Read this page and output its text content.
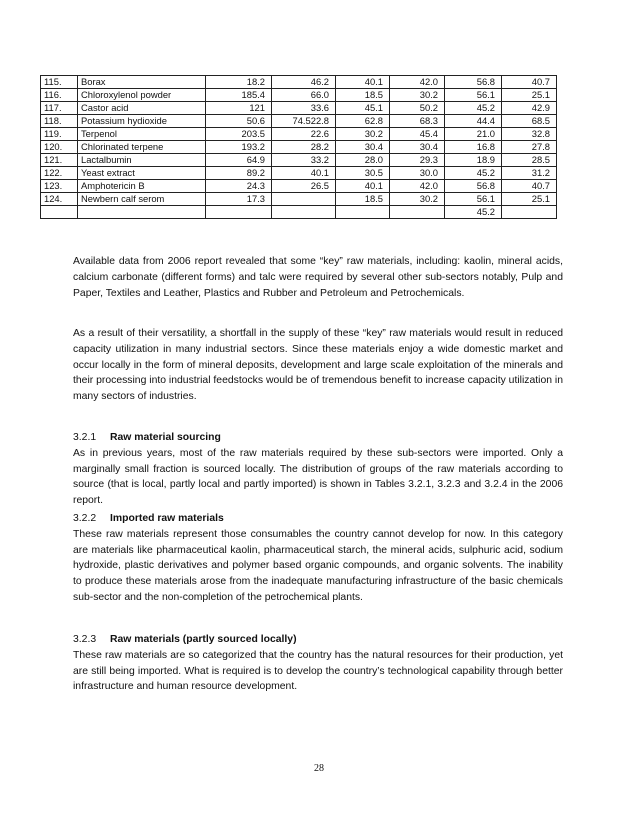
115.	Borax	18.2	46.2	40.1	42.0	56.8	40.7
116.	Chloroxylenol powder	185.4	66.0	18.5	30.2	56.1	25.1
117.	Castor acid	121	33.6	45.1	50.2	45.2	42.9
118.	Potassium hydioxide	50.6	74.522.8	62.8	68.3	44.4	68.5
119.	Terpenol	203.5	22.6	30.2	45.4	21.0	32.8
120.	Chlorinated terpene	193.2	28.2	30.4	30.4	16.8	27.8
121.	Lactalbumin	64.9	33.2	28.0	29.3	18.9	28.5
122.	Yeast extract	89.2	40.1	30.5	30.0	45.2	31.2
123.	Amphotericin B	24.3	26.5	40.1	42.0	56.8	40.7
124.	Newbern calf serom	17.3		18.5	30.2	56.1	25.1
						45.2	

Available data from 2006 report revealed that some “key” raw materials, including: kaolin, mineral acids, calcium carbonate (different forms) and talc were required by several other sub-sectors notably, Pulp and Paper, Textiles and Leather, Plastics and Rubber and Petroleum and Petrochemicals.

As a result of their versatility, a shortfall in the supply of these “key” raw materials would result in reduced capacity utilization in many industrial sectors. Since these materials enjoy a wide domestic market and occur locally in the form of mineral deposits, development and large scale exploitation of the minerals and their processing into industrial feedstocks would be of tremendous benefit to increase capacity utilization in many sectors of industries.

3.2.1 Raw material sourcing

As in previous years, most of the raw materials required by these sub-sectors were imported. Only a marginally small fraction is sourced locally. The distribution of groups of the raw materials according to source (that is local, partly local and partly imported) is shown in Tables 3.2.1, 3.2.3 and 3.2.4 in the 2006 report.

3.2.2 Imported raw materials

These raw materials represent those consumables the country cannot develop for now. In this category are materials like pharmaceutical kaolin, pharmaceutical starch, the mineral acids, sulphuric acid, sodium hydroxide, plastic derivatives and polymer based organic compounds, and organic solvents. The inability to produce these materials arose from the inadequate manufacturing infrastructure of the basic chemicals sub-sector and the non-completion of the petrochemical plants.

3.2.3 Raw materials (partly sourced locally)

These raw materials are so categorized that the country has the natural resources for their production, yet are still being imported. What is required is to develop the country’s technological capability through better infrastructure and human resource development.

28
